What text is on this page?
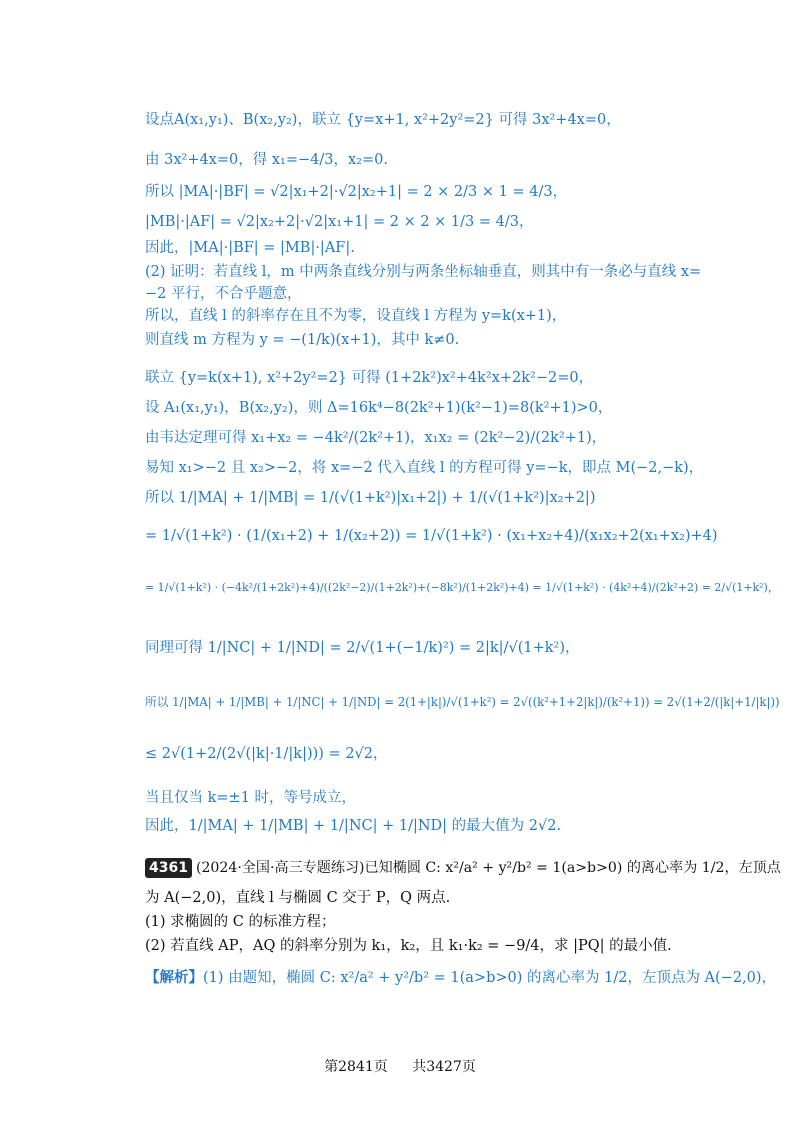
设点A(x₁,y₁)、B(x₂,y₂)，联立 {y=x+1, x²+2y²=2} 可得 3x²+4x=0，
由 3x²+4x=0，得 x₁=−4/3，x₂=0.
所以 |MA|·|BF| = √2|x₁+2|·√2|x₂+1| = 2 × 2/3 × 1 = 4/3，
|MB|·|AF| = √2|x₂+2|·√2|x₁+1| = 2 × 2 × 1/3 = 4/3，
因此，|MA|·|BF| = |MB|·|AF|.
(2) 证明：若直线 l，m 中两条直线分别与两条坐标轴垂直，则其中有一条必与直线 x=
−2 平行，不合乎题意，
所以，直线 l 的斜率存在且不为零，设直线 l 方程为 y=k(x+1)，
则直线 m 方程为 y = −(1/k)(x+1)，其中 k≠0.
联立 {y=k(x+1), x²+2y²=2} 可得 (1+2k²)x²+4k²x+2k²−2=0，
设 A₁(x₁,y₁)，B(x₂,y₂)，则 Δ=16k⁴−8(2k²+1)(k²−1)=8(k²+1)>0，
由韦达定理可得 x₁+x₂ = −4k²/(2k²+1)，x₁x₂ = (2k²−2)/(2k²+1)，
易知 x₁>−2 且 x₂>−2，将 x=−2 代入直线 l 的方程可得 y=−k，即点 M(−2,−k)，
所以 1/|MA| + 1/|MB| = 1/(√(1+k²)|x₁+2|) + 1/(√(1+k²)|x₂+2|)
= 1/√(1+k²) · (1/(x₁+2) + 1/(x₂+2)) = 1/√(1+k²) · (x₁+x₂+4)/(x₁x₂+2(x₁+x₂)+4)
= 1/√(1+k²) · (−4k²/(1+2k²)+4)/((2k²−2)/(1+2k²)+(−8k²)/(1+2k²)+4) = 1/√(1+k²) · (4k²+4)/(2k²+2) = 2/√(1+k²)，
同理可得 1/|NC| + 1/|ND| = 2/√(1+(−1/k)²) = 2|k|/√(1+k²)，
所以 1/|MA| + 1/|MB| + 1/|NC| + 1/|ND| = 2(1+|k|)/√(1+k²) = 2√((k²+1+2|k|)/(k²+1)) = 2√(1+2/(|k|+1/|k|))
≤ 2√(1+2/(2√(|k|·1/|k|))) = 2√2，
当且仅当 k=±1 时，等号成立，
因此，1/|MA| + 1/|MB| + 1/|NC| + 1/|ND| 的最大值为 2√2.
4361 (2024·全国·高三专题练习)已知椭圆 C: x²/a² + y²/b² = 1(a>b>0) 的离心率为 1/2，左顶点
为 A(−2,0)，直线 l 与椭圆 C 交于 P，Q 两点.
(1) 求椭圆的 C 的标准方程；
(2) 若直线 AP，AQ 的斜率分别为 k₁，k₂，且 k₁·k₂ = −9/4，求 |PQ| 的最小值.
【解析】(1) 由题知，椭圆 C: x²/a² + y²/b² = 1(a>b>0) 的离心率为 1/2，左顶点为 A(−2,0)，
第2841页 共3427页
